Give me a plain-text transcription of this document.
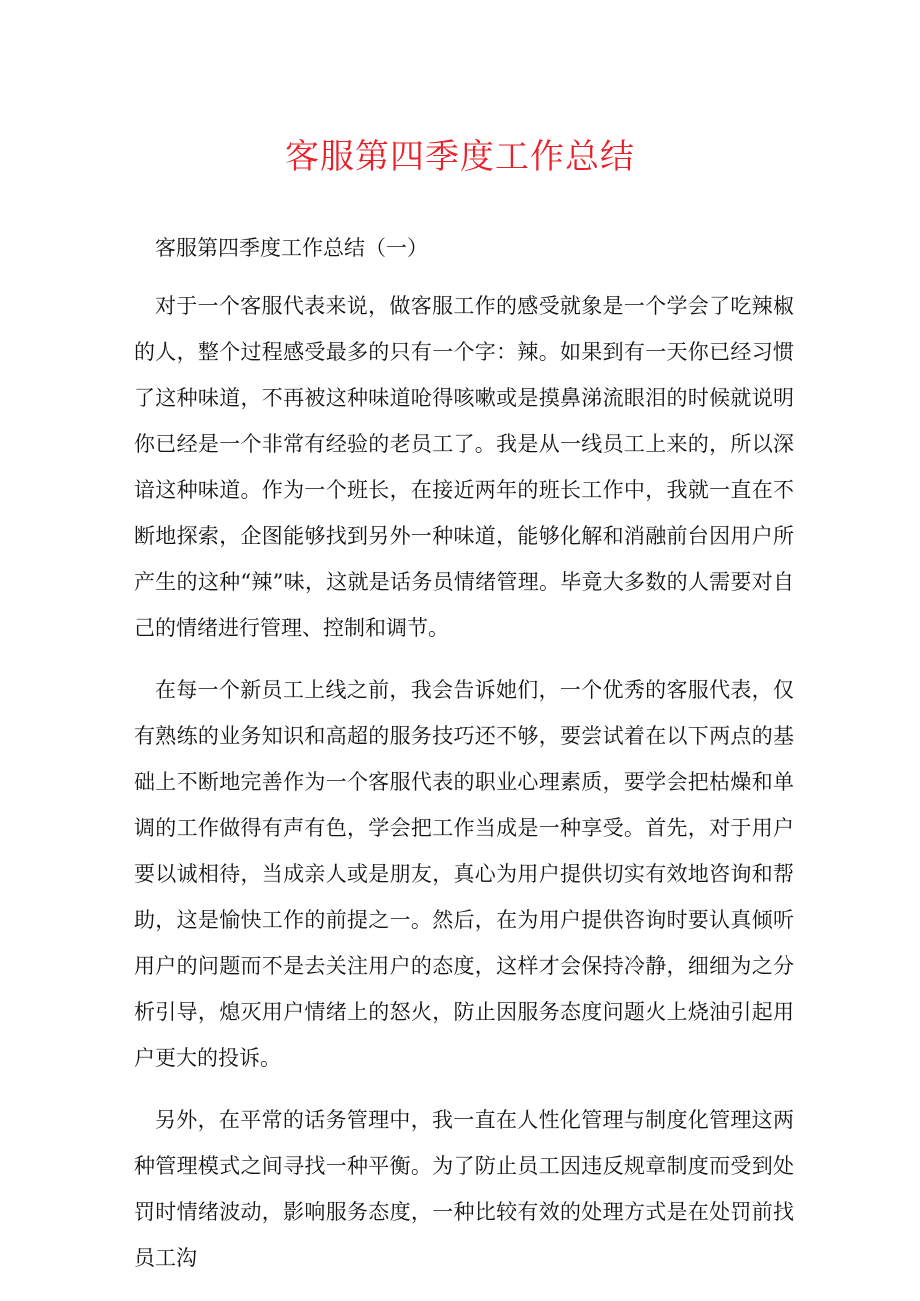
客服第四季度工作总结

客服第四季度工作总结（一）

对于一个客服代表来说，做客服工作的感受就象是一个学会了吃辣椒的人，整个过程感受最多的只有一个字：辣。如果到有一天你已经习惯了这种味道，不再被这种味道呛得咳嗽或是摸鼻涕流眼泪的时候就说明你已经是一个非常有经验的老员工了。我是从一线员工上来的，所以深谙这种味道。作为一个班长，在接近两年的班长工作中，我就一直在不断地探索，企图能够找到另外一种味道，能够化解和消融前台因用户所产生的这种“辣”味，这就是话务员情绪管理。毕竟大多数的人需要对自己的情绪进行管理、控制和调节。

在每一个新员工上线之前，我会告诉她们，一个优秀的客服代表，仅有熟练的业务知识和高超的服务技巧还不够，要尝试着在以下两点的基础上不断地完善作为一个客服代表的职业心理素质，要学会把枯燥和单调的工作做得有声有色，学会把工作当成是一种享受。首先，对于用户要以诚相待，当成亲人或是朋友，真心为用户提供切实有效地咨询和帮助，这是愉快工作的前提之一。然后，在为用户提供咨询时要认真倾听用户的问题而不是去关注用户的态度，这样才会保持冷静，细细为之分析引导，熄灭用户情绪上的怒火，防止因服务态度问题火上烧油引起用户更大的投诉。

另外，在平常的话务管理中，我一直在人性化管理与制度化管理这两种管理模式之间寻找一种平衡。为了防止员工因违反规章制度而受到处罚时情绪波动，影响服务态度，一种比较有效的处理方式是在处罚前找员工沟
